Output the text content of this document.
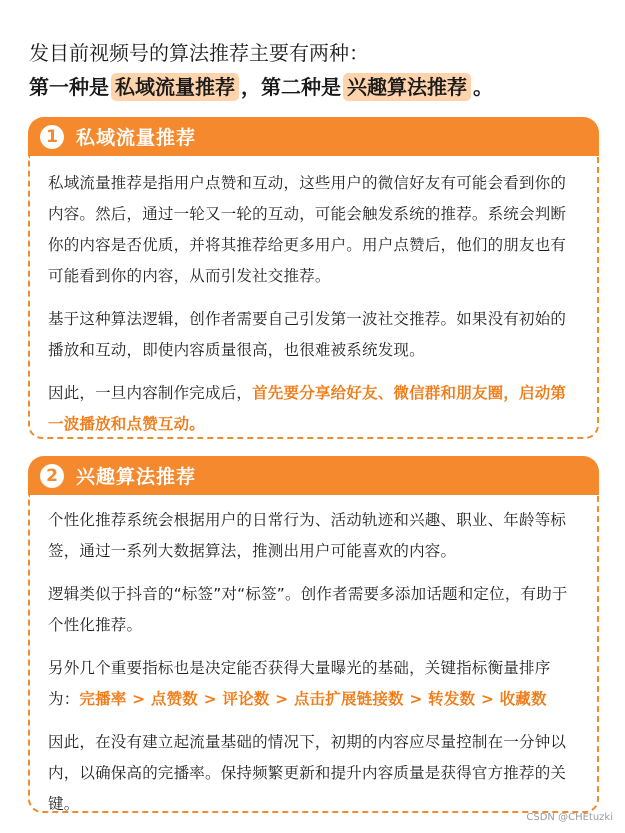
发目前视频号的算法推荐主要有两种：
第一种是 私域流量推荐 ，第二种是 兴趣算法推荐 。
1 私域流量推荐

私域流量推荐是指用户点赞和互动，这些用户的微信好友有可能会看到你的内容。然后，通过一轮又一轮的互动，可能会触发系统的推荐。系统会判断你的内容是否优质，并将其推荐给更多用户。用户点赞后，他们的朋友也有可能看到你的内容，从而引发社交推荐。

基于这种算法逻辑，创作者需要自己引发第一波社交推荐。如果没有初始的播放和互动，即使内容质量很高，也很难被系统发现。

因此，一旦内容制作完成后，首先要分享给好友、微信群和朋友圈，启动第一波播放和点赞互动。

2 兴趣算法推荐

个性化推荐系统会根据用户的日常行为、活动轨迹和兴趣、职业、年龄等标签，通过一系列大数据算法，推测出用户可能喜欢的内容。

逻辑类似于抖音的“标签”对“标签”。创作者需要多添加话题和定位，有助于个性化推荐。

另外几个重要指标也是决定能否获得大量曝光的基础，关键指标衡量排序为：完播率 > 点赞数 > 评论数 > 点击扩展链接数 > 转发数 > 收藏数

因此，在没有建立起流量基础的情况下，初期的内容应尽量控制在一分钟以内，以确保高的完播率。保持频繁更新和提升内容质量是获得官方推荐的关键。

CSDN @CHEtuzki
